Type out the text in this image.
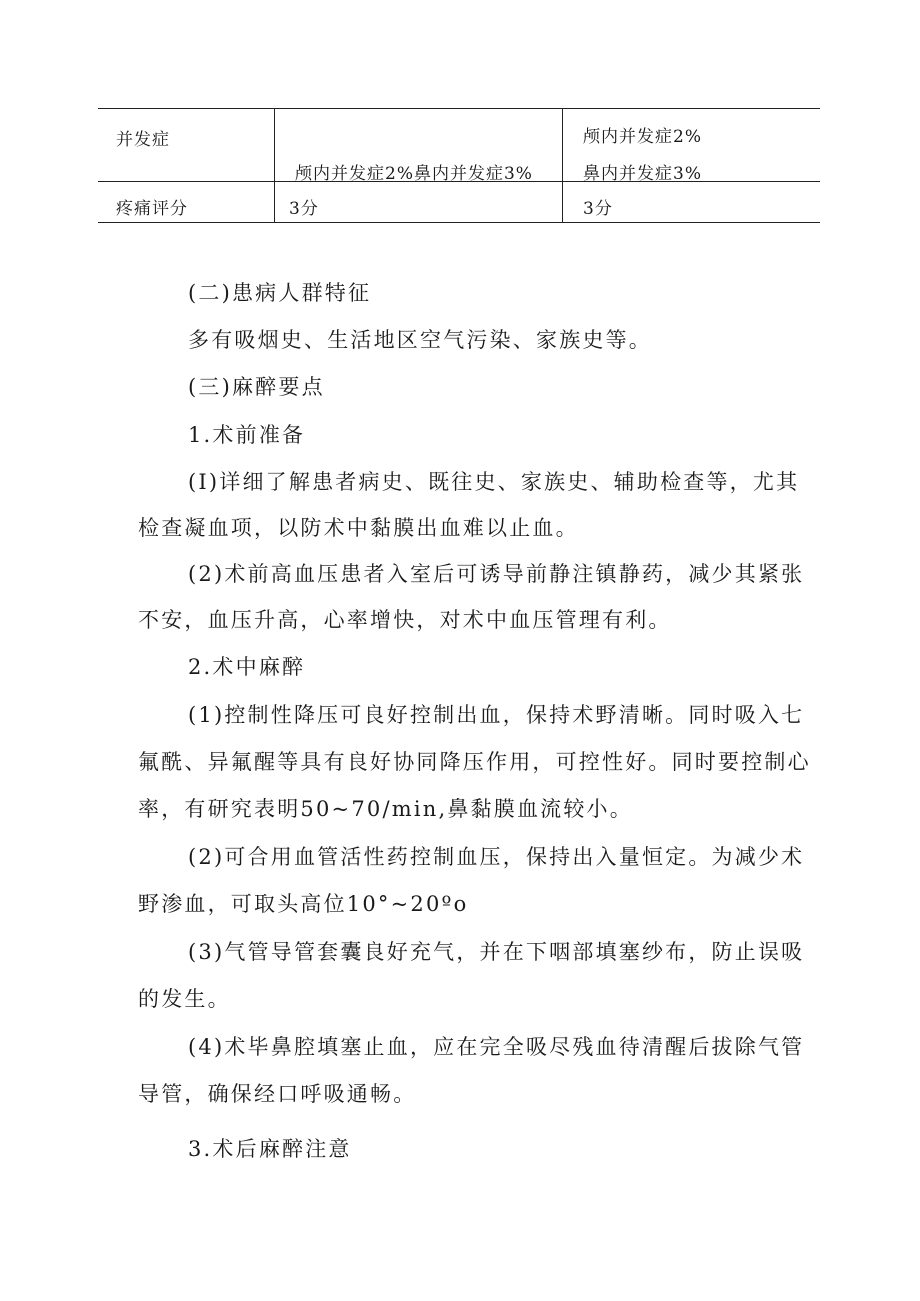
并发症
颅内并发症2%鼻内并发症3%
颅内并发症2%
鼻内并发症3%
疼痛评分	3分	3分
(二)患病人群特征
多有吸烟史、生活地区空气污染、家族史等。
(三)麻醉要点
1.术前准备
(I)详细了解患者病史、既往史、家族史、辅助检查等，尤其
检查凝血项，以防术中黏膜出血难以止血。
(2)术前高血压患者入室后可诱导前静注镇静药，减少其紧张
不安，血压升高，心率增快，对术中血压管理有利。
2.术中麻醉
(1)控制性降压可良好控制出血，保持术野清晰。同时吸入七
氟酰、异氟醒等具有良好协同降压作用，可控性好。同时要控制心
率，有研究表明50~70/min,鼻黏膜血流较小。
(2)可合用血管活性药控制血压，保持出入量恒定。为减少术
野渗血，可取头高位10°~20ºo
(3)气管导管套囊良好充气，并在下咽部填塞纱布，防止误吸
的发生。
(4)术毕鼻腔填塞止血，应在完全吸尽残血待清醒后拔除气管
导管，确保经口呼吸通畅。
3.术后麻醉注意
